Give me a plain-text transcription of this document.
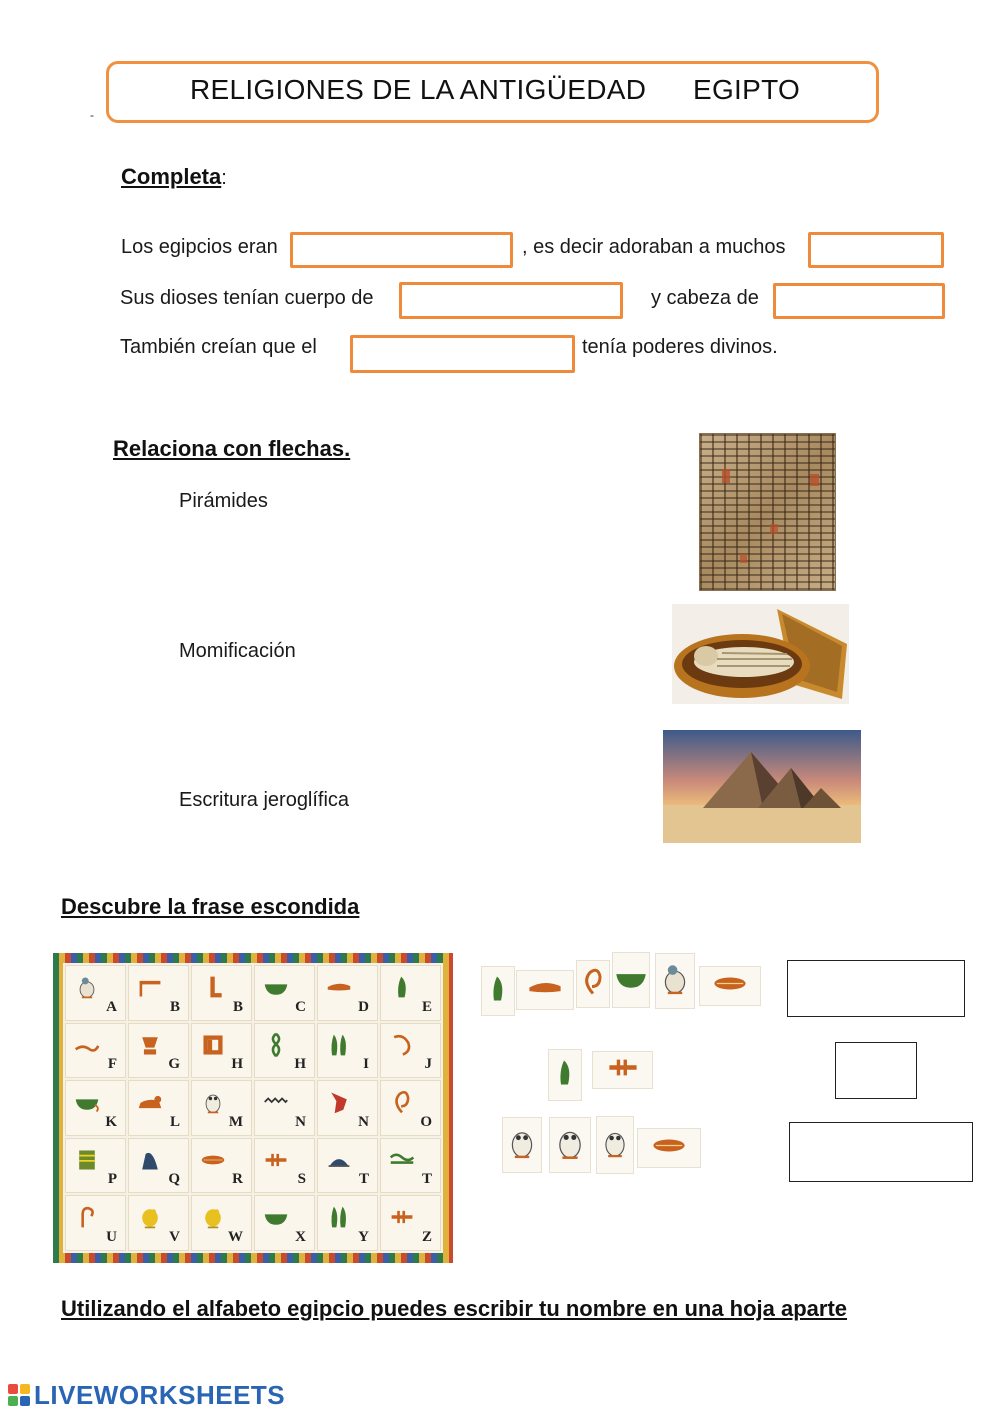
RELIGIONES DE LA ANTIGÜEDAD EGIPTO
-
Completa:
Los egipcios eran	, es decir adoraban a muchos
Sus dioses tenían cuerpo de	y cabeza de
También creían que el	tenía poderes divinos.
Relaciona con flechas.
Pirámides
Momificación
Escritura jeroglífica
Descubre la frase escondida
A	B	B	C	D	E
F	G	H	H	I	J
K	L	M	N	N	O
P	Q	R	S	T	T
U	V	W	X	Y	Z
Utilizando el alfabeto egipcio puedes escribir tu nombre en una hoja aparte
LIVEWORKSHEETS
